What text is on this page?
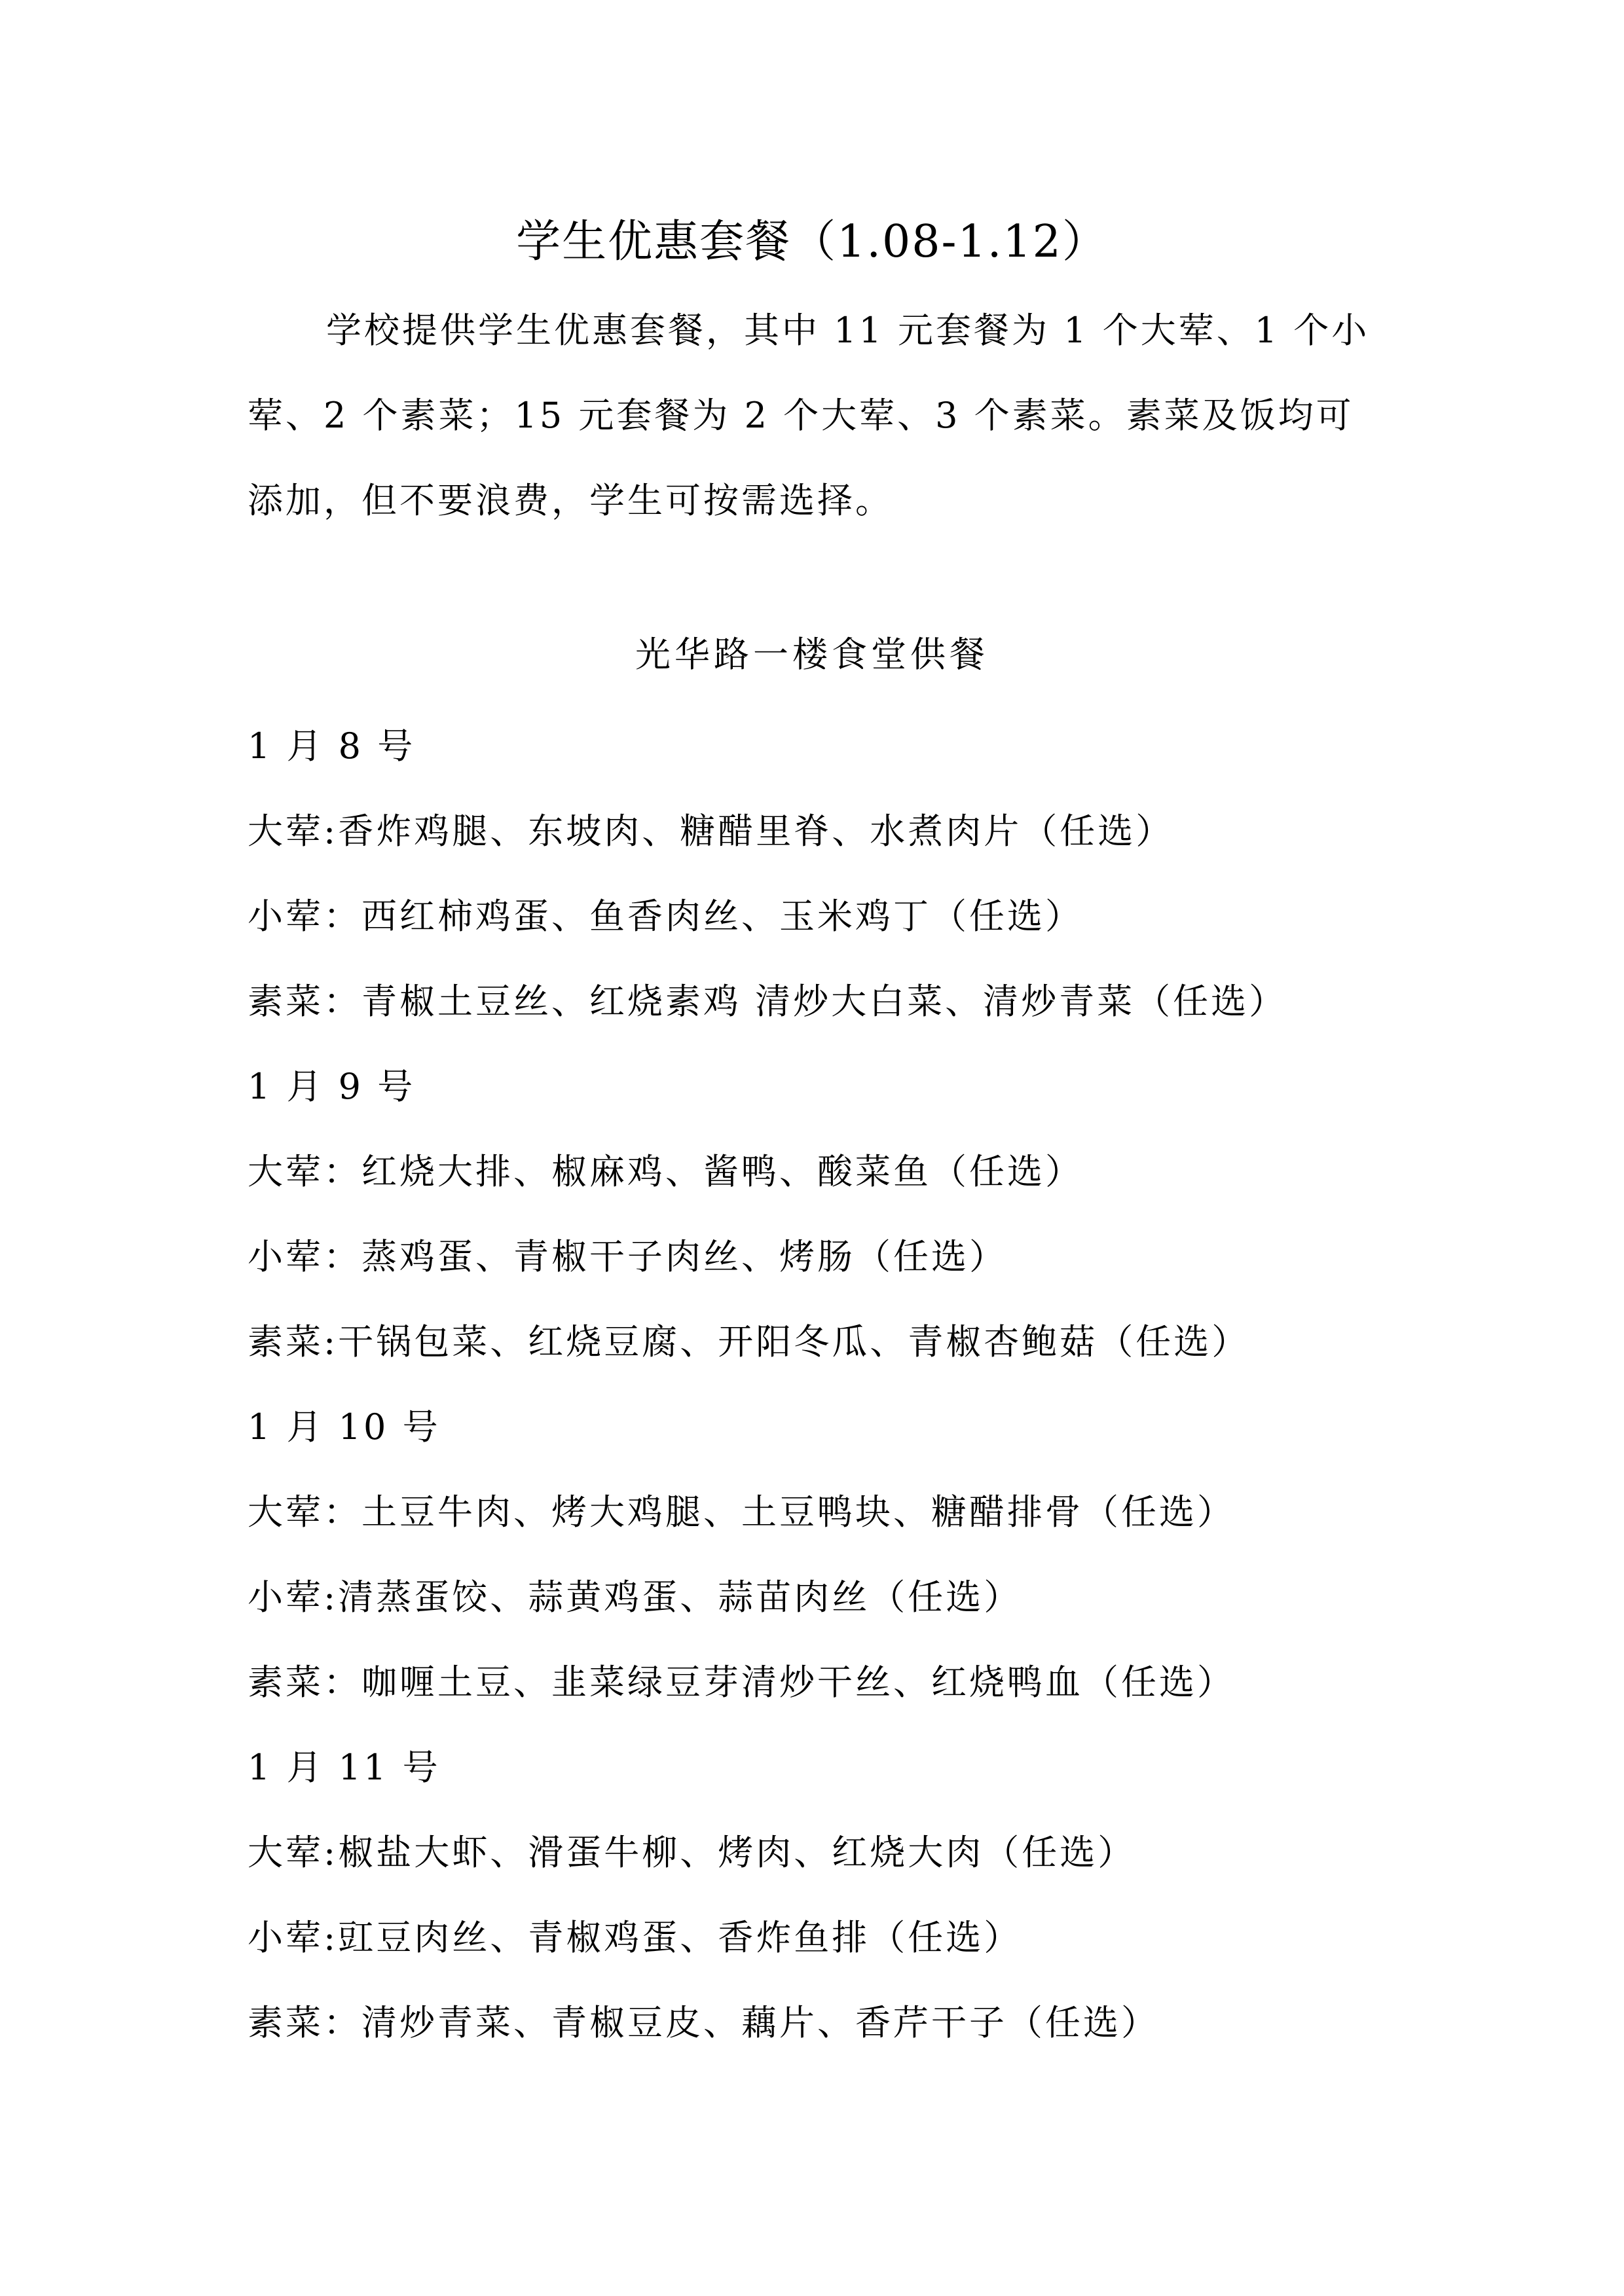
学生优惠套餐（1.08-1.12）
学校提供学生优惠套餐，其中 11 元套餐为 1 个大荤、1 个小荤、2 个素菜；15 元套餐为 2 个大荤、3 个素菜。素菜及饭均可添加，但不要浪费，学生可按需选择。
光华路一楼食堂供餐
1 月 8 号
大荤:香炸鸡腿、东坡肉、糖醋里脊、水煮肉片（任选）
小荤：西红柿鸡蛋、鱼香肉丝、玉米鸡丁（任选）
素菜：青椒土豆丝、红烧素鸡 清炒大白菜、清炒青菜（任选）
1 月 9 号
大荤：红烧大排、椒麻鸡、酱鸭、酸菜鱼（任选）
小荤：蒸鸡蛋、青椒干子肉丝、烤肠（任选）
素菜:干锅包菜、红烧豆腐、开阳冬瓜、青椒杏鲍菇（任选）
1 月 10 号
大荤：土豆牛肉、烤大鸡腿、土豆鸭块、糖醋排骨（任选）
小荤:清蒸蛋饺、蒜黄鸡蛋、蒜苗肉丝（任选）
素菜：咖喱土豆、韭菜绿豆芽清炒干丝、红烧鸭血（任选）
1 月 11 号
大荤:椒盐大虾、滑蛋牛柳、烤肉、红烧大肉（任选）
小荤:豇豆肉丝、青椒鸡蛋、香炸鱼排（任选）
素菜：清炒青菜、青椒豆皮、藕片、香芹干子（任选）
